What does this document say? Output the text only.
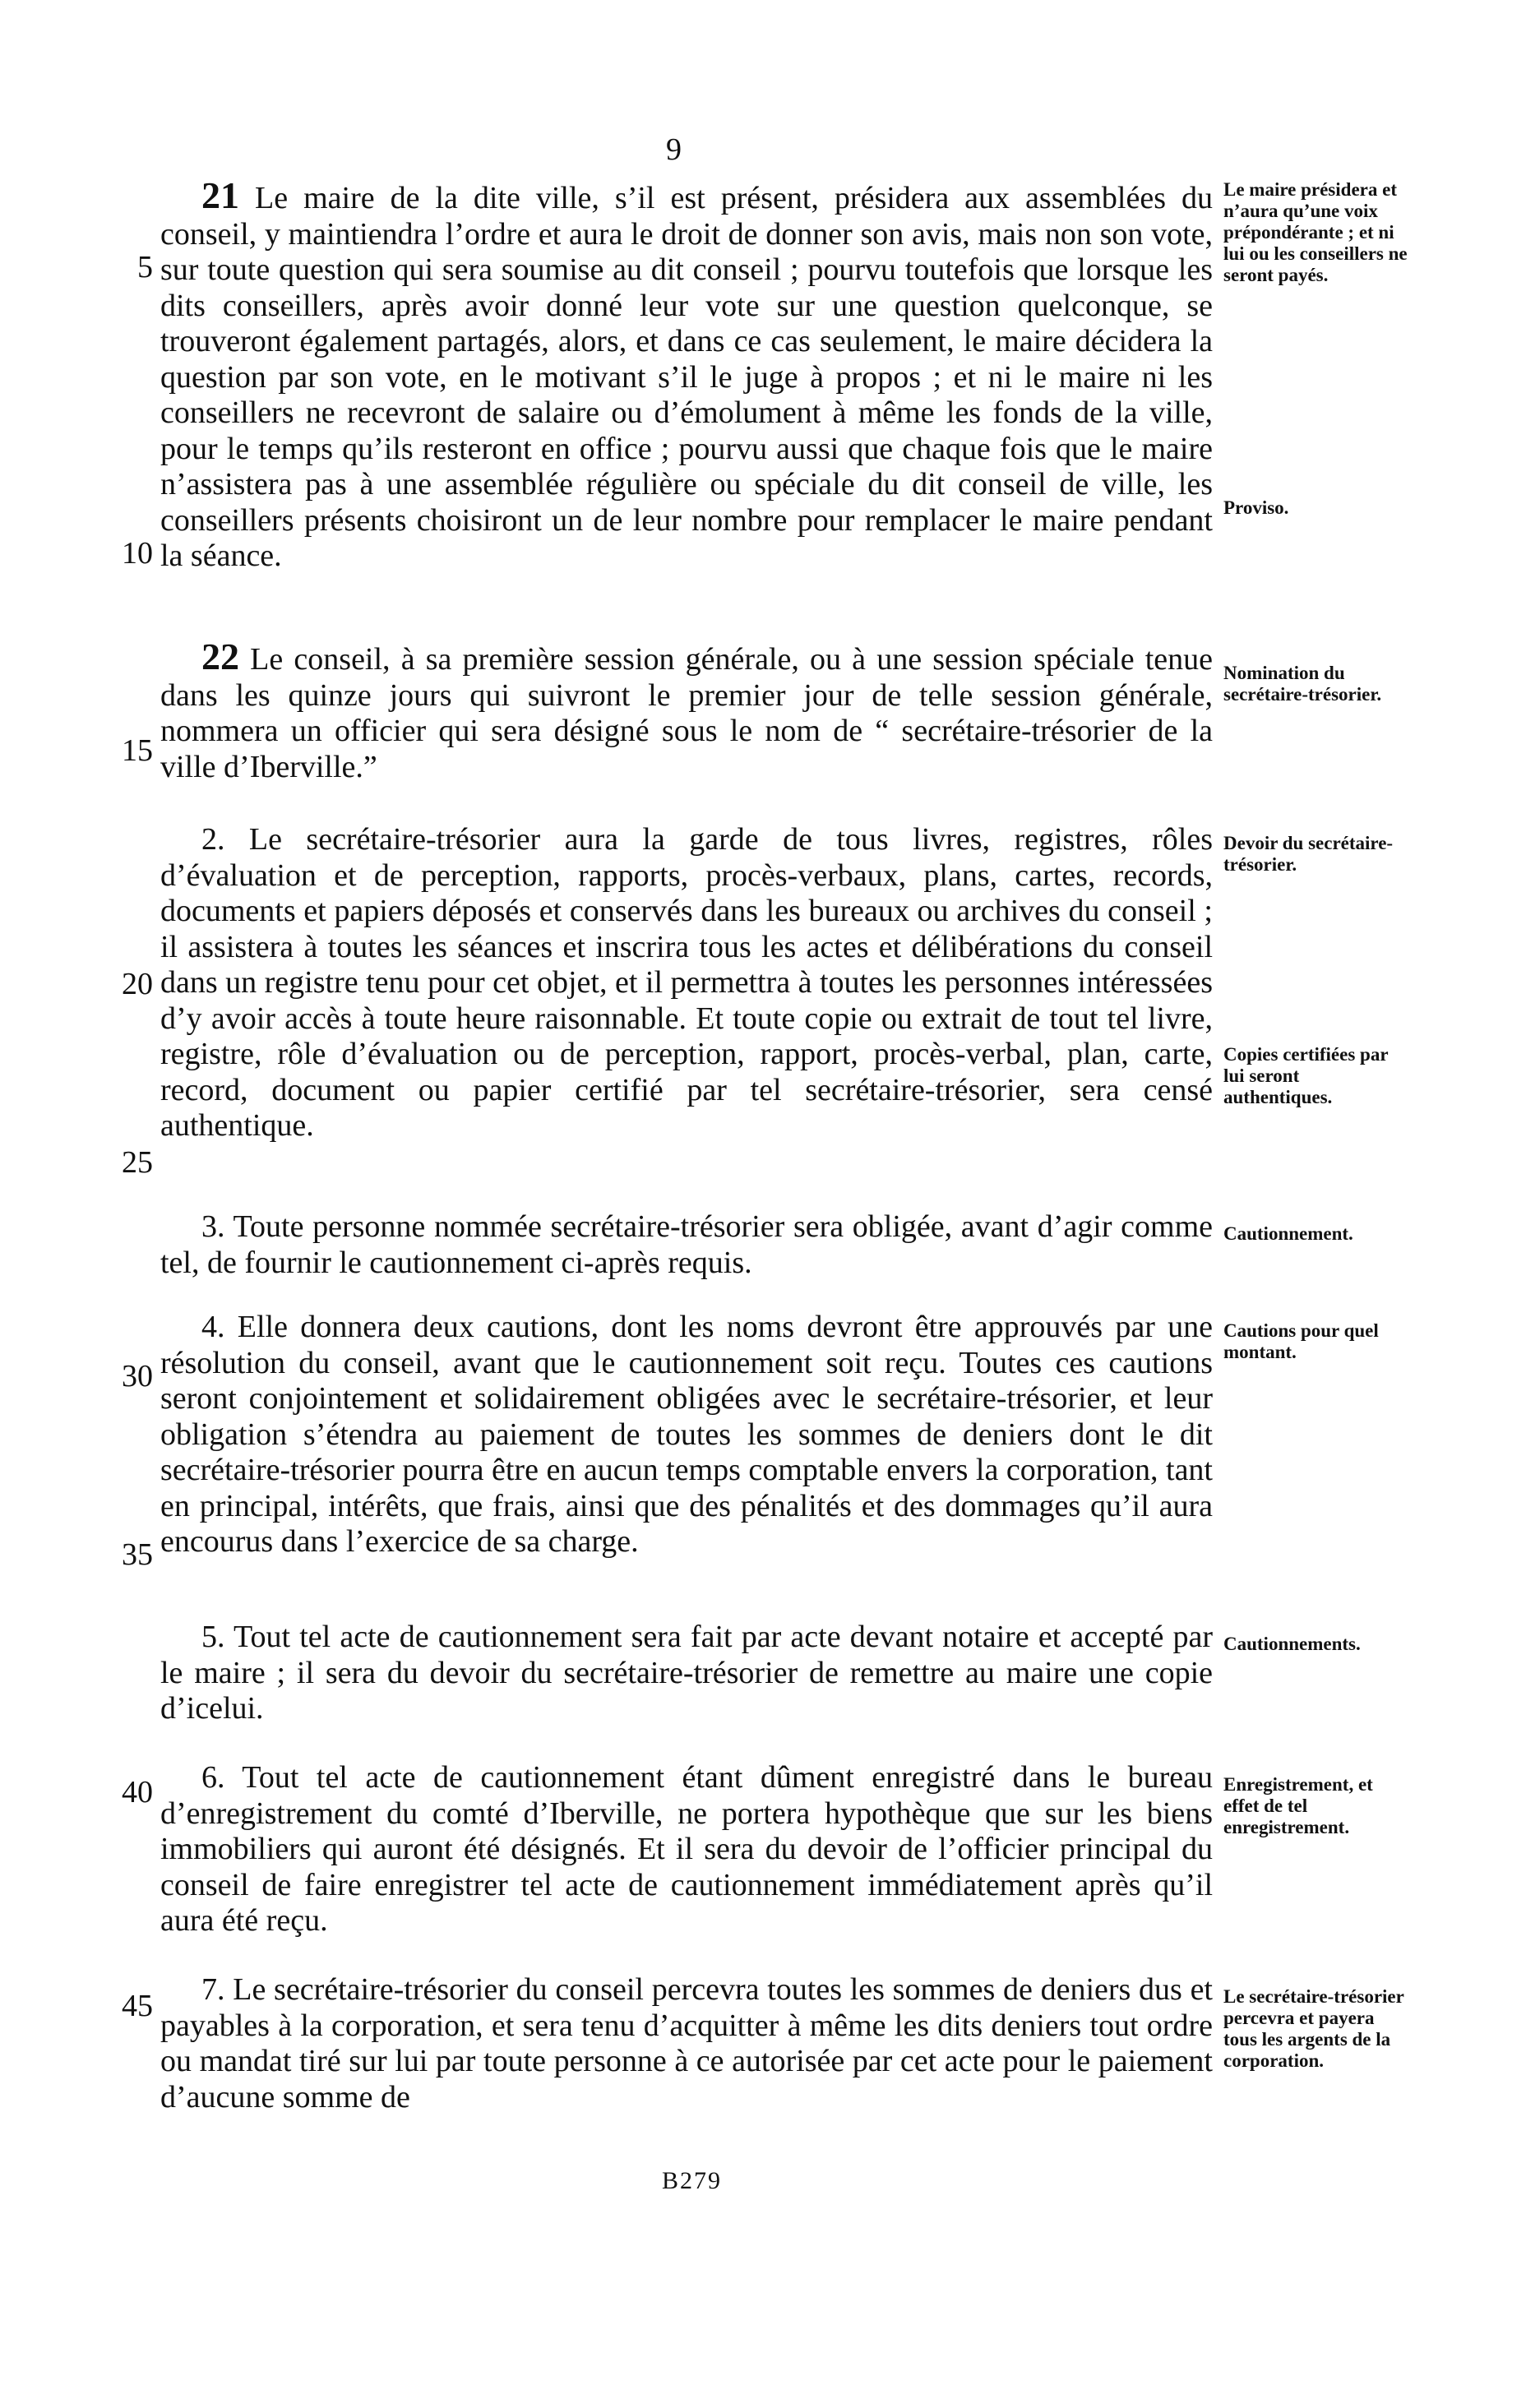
9
5
10
15
20
25
30
35
40
45

21 Le maire de la dite ville, s’il est présent, présidera aux assemblées du conseil, y maintiendra l’ordre et aura le droit de donner son avis, mais non son vote, sur toute question qui sera soumise au dit conseil ; pourvu toutefois que lorsque les dits conseillers, après avoir donné leur vote sur une question quelconque, se trouveront également partagés, alors, et dans ce cas seulement, le maire décidera la question par son vote, en le motivant s’il le juge à propos ; et ni le maire ni les conseillers ne recevront de salaire ou d’émolument à même les fonds de la ville, pour le temps qu’ils resteront en office ; pourvu aussi que chaque fois que le maire n’assistera pas à une assemblée régulière ou spéciale du dit conseil de ville, les conseillers présents choisiront un de leur nombre pour remplacer le maire pendant la séance.

22 Le conseil, à sa première session générale, ou à une session spéciale tenue dans les quinze jours qui suivront le premier jour de telle session générale, nommera un officier qui sera désigné sous le nom de “ secrétaire-trésorier de la ville d’Iberville.”

2. Le secrétaire-trésorier aura la garde de tous livres, registres, rôles d’évaluation et de perception, rapports, procès-verbaux, plans, cartes, records, documents et papiers déposés et conservés dans les bureaux ou archives du conseil ; il assistera à toutes les séances et inscrira tous les actes et délibérations du conseil dans un registre tenu pour cet objet, et il permettra à toutes les personnes intéressées d’y avoir accès à toute heure raisonnable. Et toute copie ou extrait de tout tel livre, registre, rôle d’évaluation ou de perception, rapport, procès-verbal, plan, carte, record, document ou papier certifié par tel secrétaire-trésorier, sera censé authentique.

3. Toute personne nommée secrétaire-trésorier sera obligée, avant d’agir comme tel, de fournir le cautionnement ci-après requis.

4. Elle donnera deux cautions, dont les noms devront être approuvés par une résolution du conseil, avant que le cautionnement soit reçu. Toutes ces cautions seront conjointement et solidairement obligées avec le secrétaire-trésorier, et leur obligation s’étendra au paiement de toutes les sommes de deniers dont le dit secrétaire-trésorier pourra être en aucun temps comptable envers la corporation, tant en principal, intérêts, que frais, ainsi que des pénalités et des dommages qu’il aura encourus dans l’exercice de sa charge.

5. Tout tel acte de cautionnement sera fait par acte devant notaire et accepté par le maire ; il sera du devoir du secrétaire-trésorier de remettre au maire une copie d’icelui.

6. Tout tel acte de cautionnement étant dûment enregistré dans le bureau d’enregistrement du comté d’Iberville, ne portera hypothèque que sur les biens immobiliers qui auront été désignés. Et il sera du devoir de l’officier principal du conseil de faire enregistrer tel acte de cautionnement immédiatement après qu’il aura été reçu.

7. Le secrétaire-trésorier du conseil percevra toutes les sommes de deniers dus et payables à la corporation, et sera tenu d’acquitter à même les dits deniers tout ordre ou mandat tiré sur lui par toute personne à ce autorisée par cet acte pour le paiement d’aucune somme de

Le maire présidera et n’aura qu’une voix prépondérante ; et ni lui ou les conseillers ne seront payés.
Proviso.
Nomination du secrétaire-trésorier.
Devoir du secrétaire-trésorier.
Copies certifiées par lui seront authentiques.
Cautionnement.
Cautions pour quel montant.
Cautionnements.
Enregistrement, et effet de tel enregistrement.
Le secrétaire-trésorier percevra et payera tous les argents de la corporation.
B279
